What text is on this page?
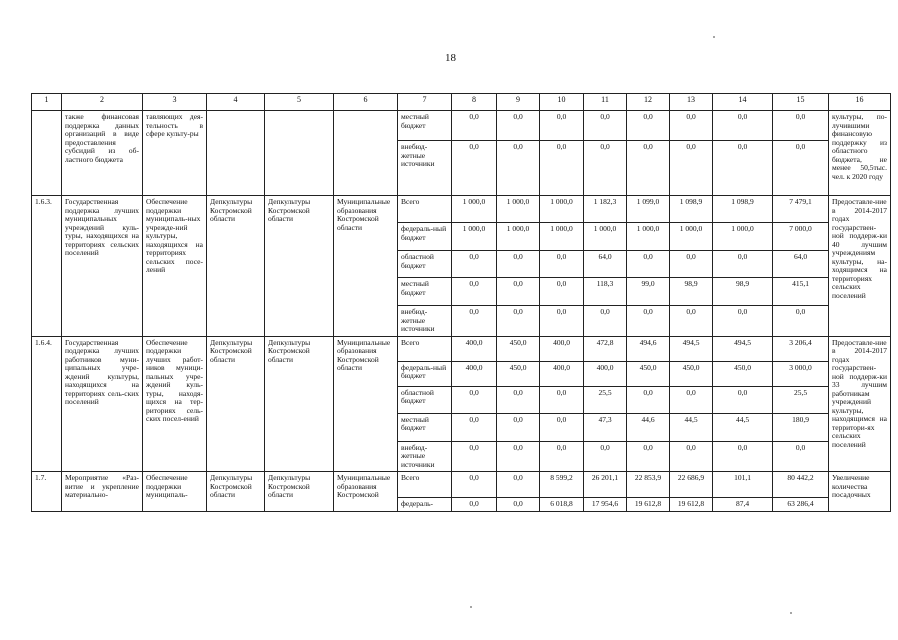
18
1	2	3	4	5	6	7	8	9	10	11	12	13	14	15	16
	также финансовая поддержка данных организаций в виде предоставления субсидий из об-ластного бюджета	тавляющих дея-тельность в сфере культу-ры				местный бюджет	0,0	0,0	0,0	0,0	0,0	0,0	0,0	0,0	культуры, по-лучившими финансовую поддержку из областного бюджета, не менее 50,5тыс. чел. к 2020 году
						внебюд-жетные источники	0,0	0,0	0,0	0,0	0,0	0,0	0,0	0,0	
1.6.3.	Государственная поддержка лучших муниципальных учреждений куль-туры, находящихся на территориях сельских поселений	Обеспечение поддержки муниципаль-ных учрежде-ний культуры, находящихся на территориях сельских посе-лений	Депкультуры Костромской области	Депкультуры Костромской области	Муниципальные образования Костромской области	Всего	1 000,0	1 000,0	1 000,0	1 182,3	1 099,0	1 098,9	1 098,9	7 479,1	Предоставле-ние в 2014-2017 годах государствен-ной поддерж-ки 40 лучшим учреждениям культуры, на-ходящимся на территориях сельских поселений
						федераль-ный бюджет	1 000,0	1 000,0	1 000,0	1 000,0	1 000,0	1 000,0	1 000,0	7 000,0	
						областной бюджет	0,0	0,0	0,0	64,0	0,0	0,0	0,0	64,0	
						местный бюджет	0,0	0,0	0,0	118,3	99,0	98,9	98,9	415,1	
						внебюд-жетные источники	0,0	0,0	0,0	0,0	0,0	0,0	0,0	0,0	
1.6.4.	Государственная поддержка лучших работников муни-ципальных учре-ждений культуры, находящихся на территориях сель-ских поселений	Обеспечение поддержки лучших работ-ников муници-пальных учре-ждений куль-туры, находя-щихся на тер-риториях сель-ских посел-ений	Депкультуры Костромской области	Депкультуры Костромской области	Муниципальные образования Костромской области	Всего	400,0	450,0	400,0	472,8	494,6	494,5	494,5	3 206,4	Предоставле-ние в 2014-2017 годах государствен-ной поддерж-ки 33 лучшим работникам учреждений культуры, находящимся на территори-ях сельских поселений
						федераль-ный бюджет	400,0	450,0	400,0	400,0	450,0	450,0	450,0	3 000,0	
						областной бюджет	0,0	0,0	0,0	25,5	0,0	0,0	0,0	25,5	
						местный бюджет	0,0	0,0	0,0	47,3	44,6	44,5	44,5	180,9	
						внебюд-жетные источники	0,0	0,0	0,0	0,0	0,0	0,0	0,0	0,0	
1.7.	Мероприятие «Раз-витие и укрепление материально-	Обеспечение поддержки муниципаль-	Депкультуры Костромской области	Депкультуры Костромской области	Муниципальные образования Костромской	Всего	0,0	0,0	8 599,2	26 201,1	22 853,9	22 686,9	101,1	80 442,2	Увеличение количества посадочных
						федераль-	0,0	0,0	6 018,8	17 954,6	19 612,8	19 612,8	87,4	63 286,4	
